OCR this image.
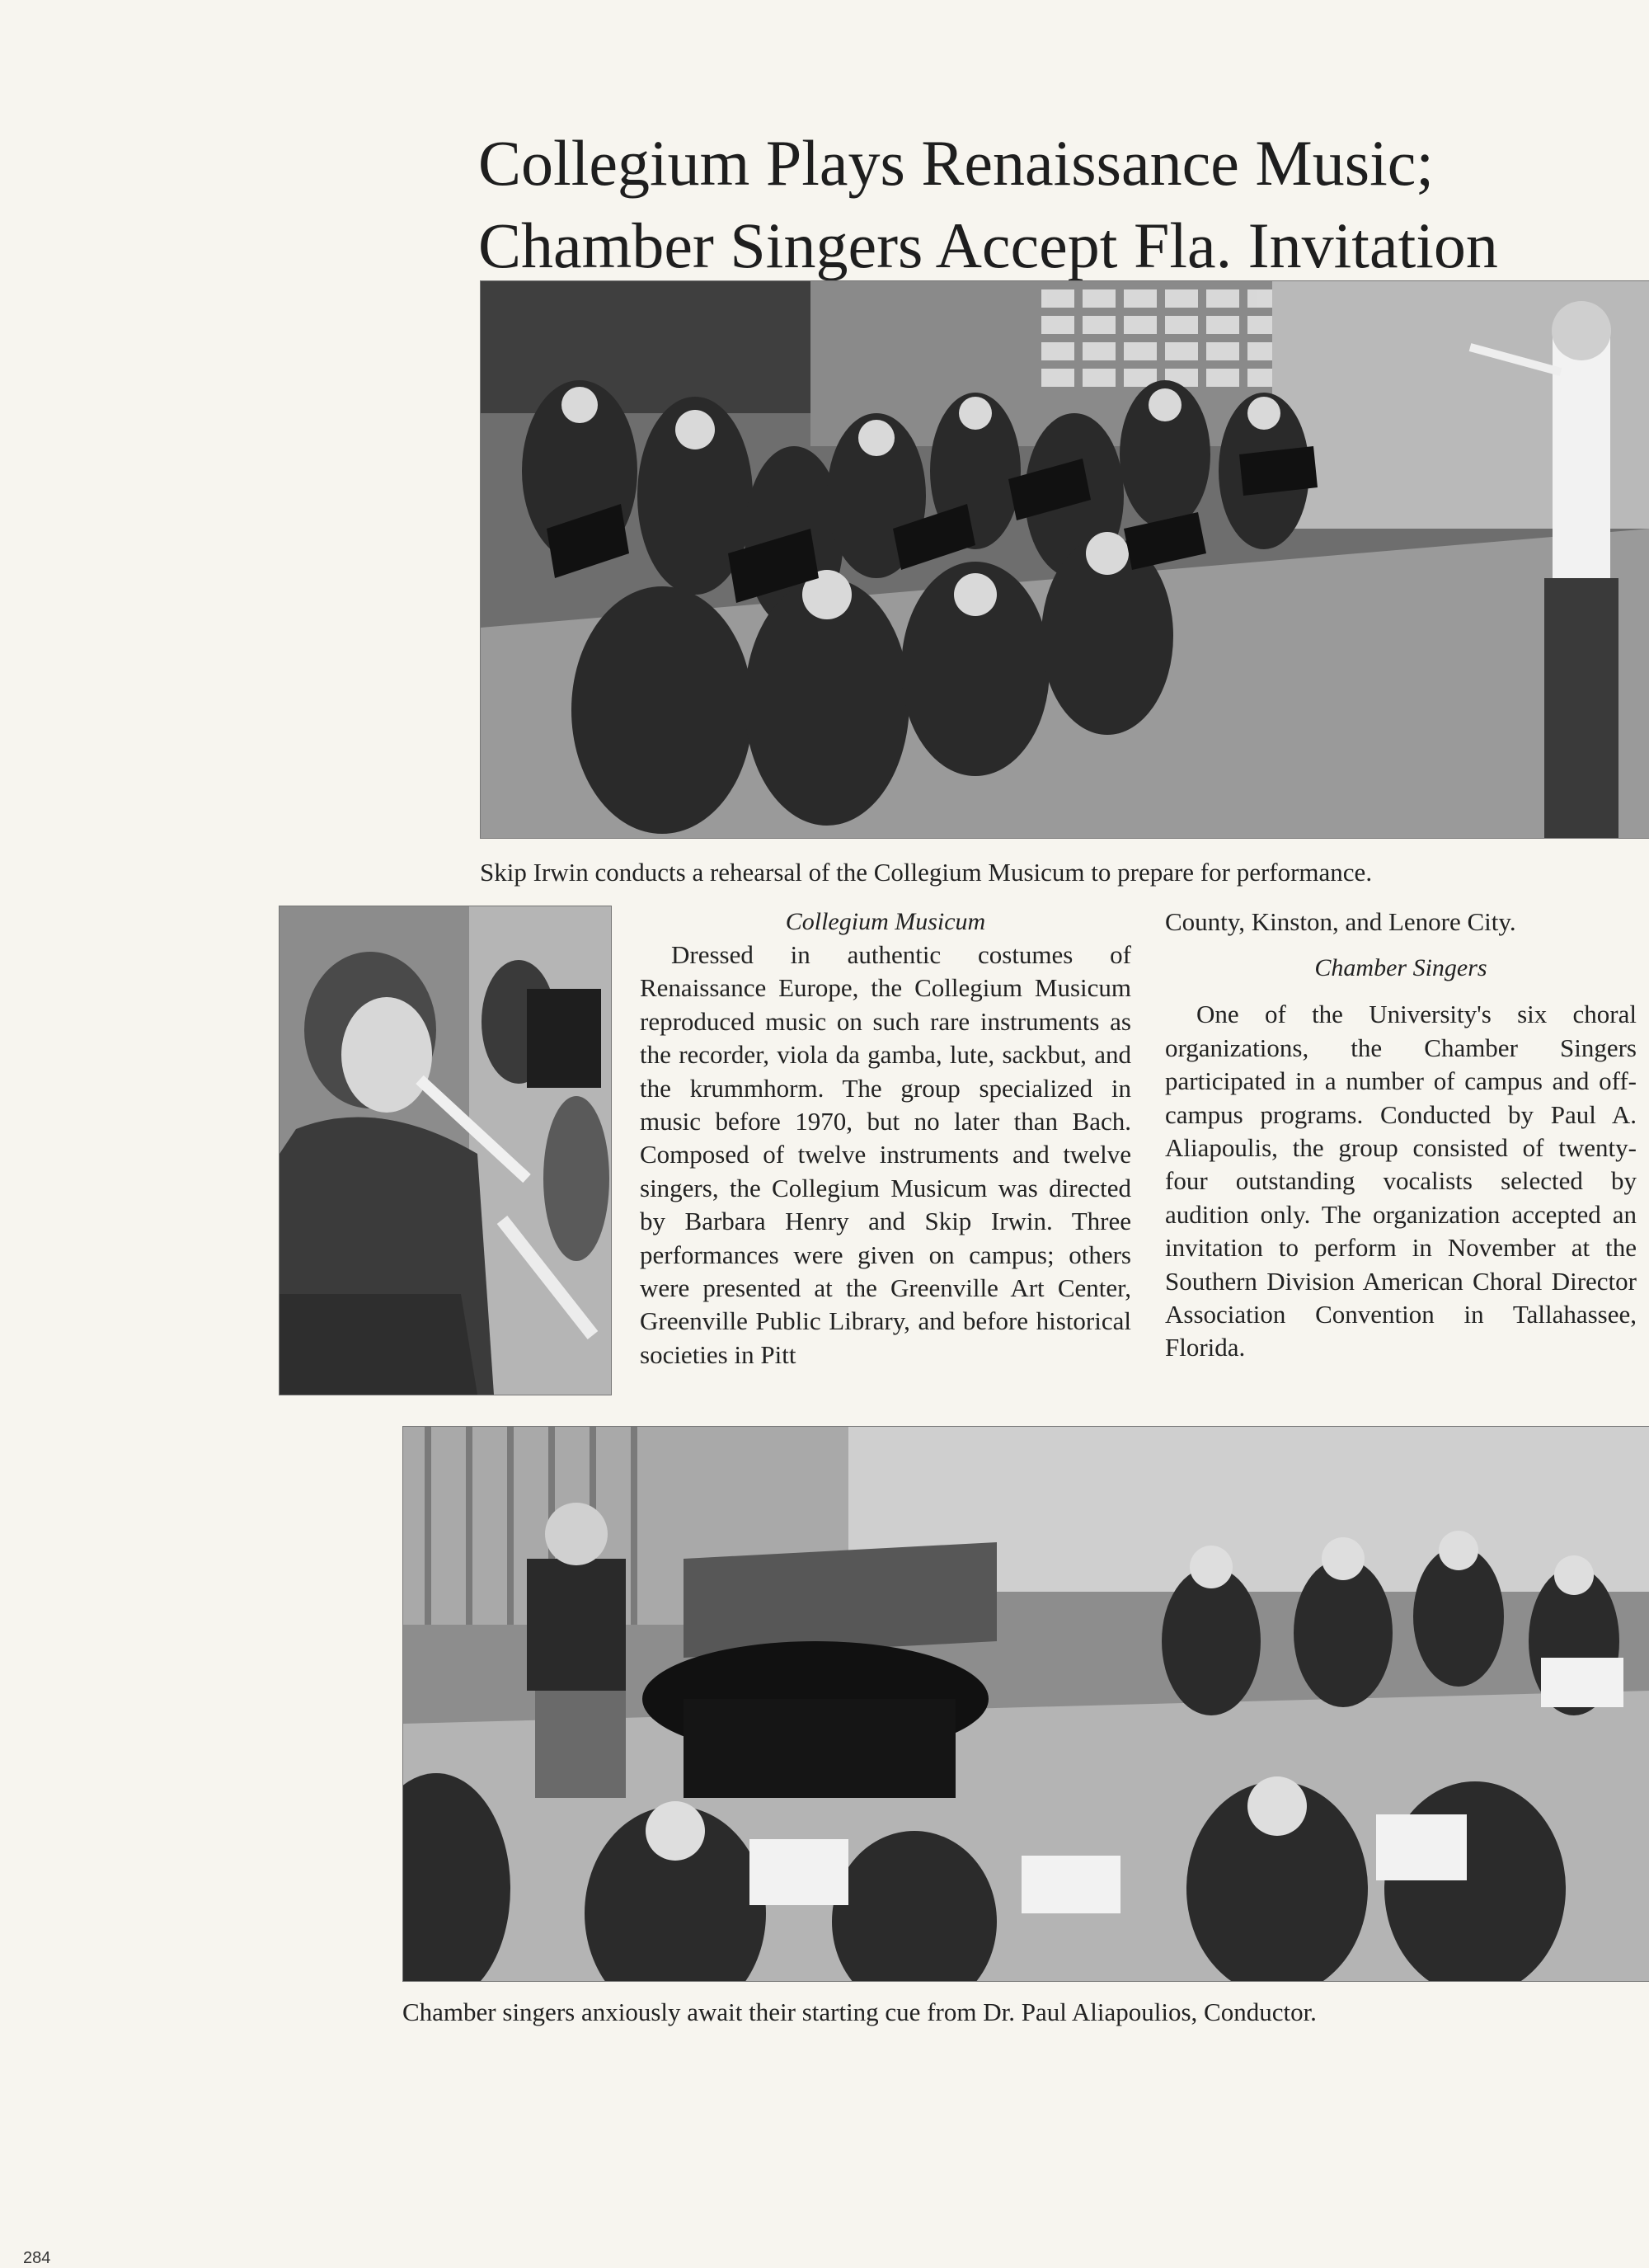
Collegium Plays Renaissance Music;
Chamber Singers Accept Fla. Invitation
Skip Irwin conducts a rehearsal of the Collegium Musicum to prepare for performance.

Collegium Musicum

Dressed in authentic costumes of Renaissance Europe, the Collegium Musicum reproduced music on such rare instruments as the recorder, viola da gamba, lute, sackbut, and the krummhorm. The group specialized in music before 1970, but no later than Bach. Composed of twelve instruments and twelve singers, the Collegium Musicum was directed by Barbara Henry and Skip Irwin. Three performances were given on campus; others were presented at the Greenville Art Center, Greenville Public Library, and before historical societies in Pitt

County, Kinston, and Lenore City.

Chamber Singers

One of the University's six choral organizations, the Chamber Singers participated in a number of campus and off-campus programs. Conducted by Paul A. Aliapoulis, the group consisted of twenty-four outstanding vocalists selected by audition only. The organization accepted an invitation to perform in November at the Southern Division American Choral Director Association Convention in Tallahassee, Florida.

Chamber singers anxiously await their starting cue from Dr. Paul Aliapoulios, Conductor.
284
